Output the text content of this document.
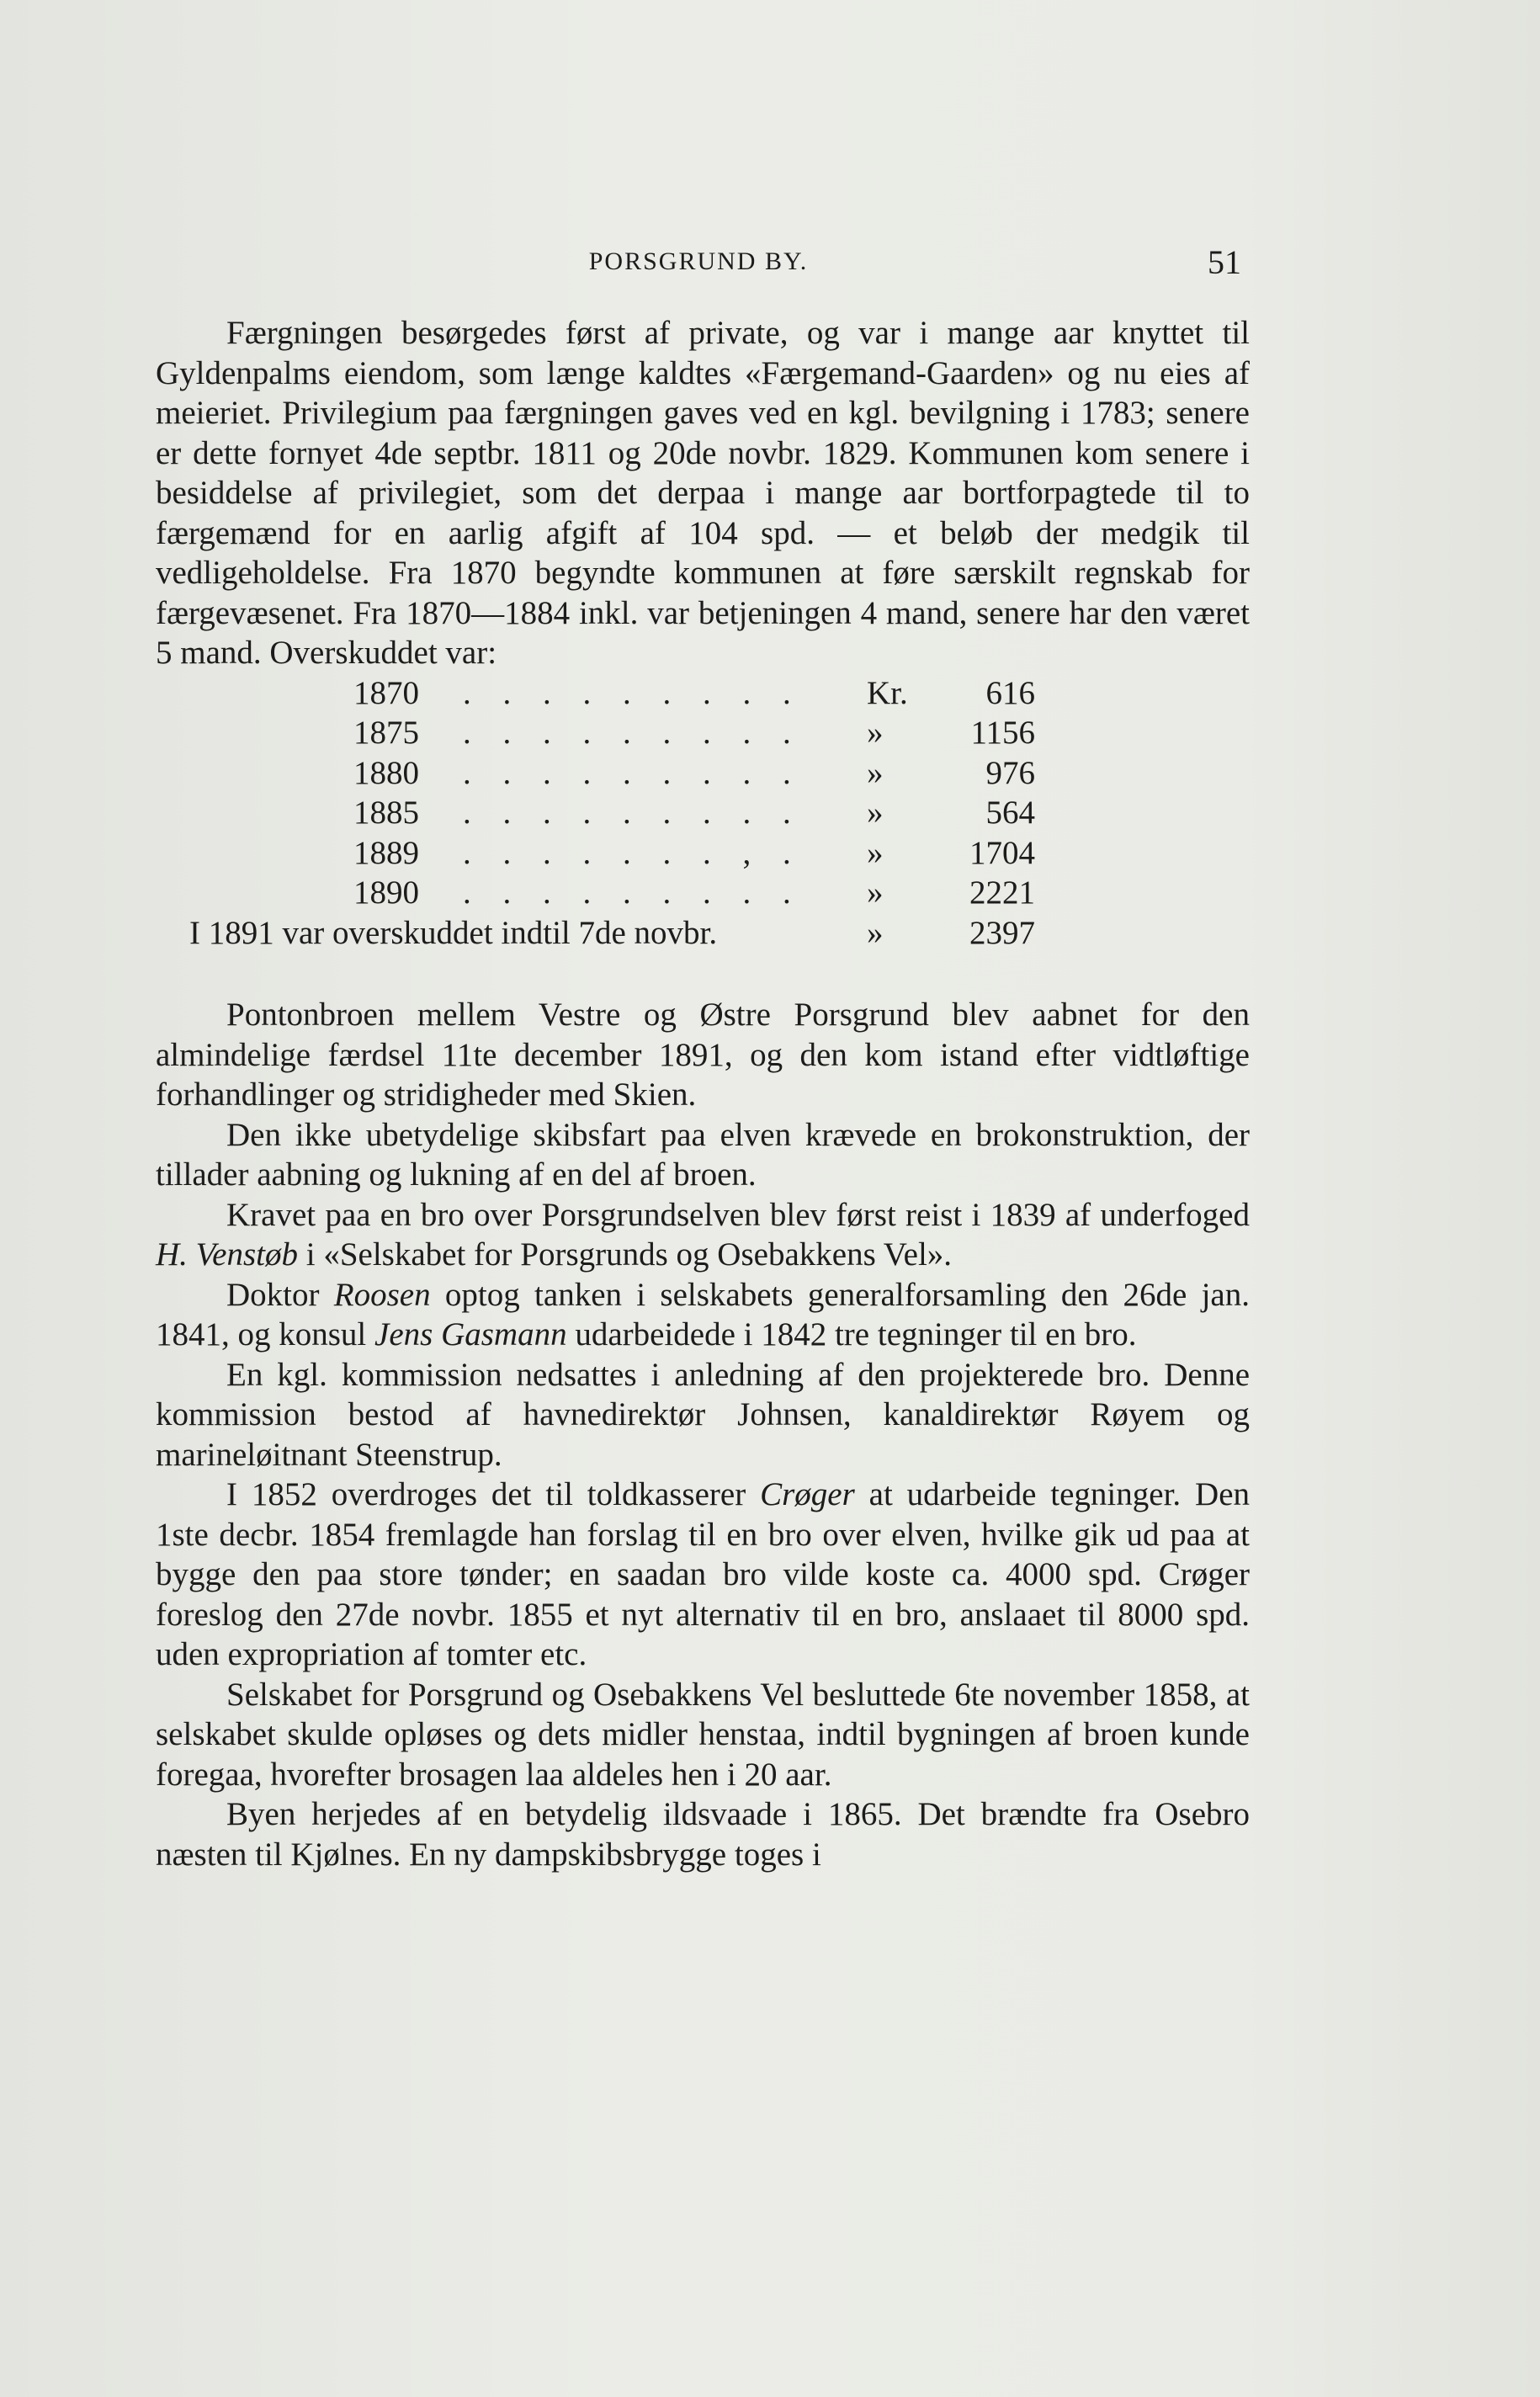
PORSGRUND BY.	51

Færgningen besørgedes først af private, og var i mange aar knyttet til Gyldenpalms eiendom, som længe kaldtes «Færgemand-Gaarden» og nu eies af meieriet. Privilegium paa færgningen gaves ved en kgl. bevilgning i 1783; senere er dette fornyet 4de septbr. 1811 og 20de novbr. 1829. Kommunen kom senere i besiddelse af privilegiet, som det derpaa i mange aar bortforpagtede til to færgemænd for en aarlig afgift af 104 spd. — et beløb der medgik til vedligeholdelse. Fra 1870 begyndte kommunen at føre særskilt regnskab for færgevæsenet. Fra 1870—1884 inkl. var betjeningen 4 mand, senere har den været 5 mand. Overskuddet var:

1870	. . . . . . . . .	Kr.	616
1875	. . . . . . . . .	»	1156
1880	. . . . . . . . .	»	976
1885	. . . . . . . . .	»	564
1889	. . . . . . . , .	»	1704
1890	. . . . . . . . .	»	2221
I 1891 var overskuddet indtil 7de novbr.	»	2397

Pontonbroen mellem Vestre og Østre Porsgrund blev aabnet for den almindelige færdsel 11te december 1891, og den kom istand efter vidtløftige forhandlinger og stridigheder med Skien.

Den ikke ubetydelige skibsfart paa elven krævede en brokonstruktion, der tillader aabning og lukning af en del af broen.

Kravet paa en bro over Porsgrundselven blev først reist i 1839 af underfoged H. Venstøb i «Selskabet for Porsgrunds og Osebakkens Vel».

Doktor Roosen optog tanken i selskabets generalforsamling den 26de jan. 1841, og konsul Jens Gasmann udarbeidede i 1842 tre tegninger til en bro.

En kgl. kommission nedsattes i anledning af den projekterede bro. Denne kommission bestod af havnedirektør Johnsen, kanaldirektør Røyem og marineløitnant Steenstrup.

I 1852 overdroges det til toldkasserer Crøger at udarbeide tegninger. Den 1ste decbr. 1854 fremlagde han forslag til en bro over elven, hvilke gik ud paa at bygge den paa store tønder; en saadan bro vilde koste ca. 4000 spd. Crøger foreslog den 27de novbr. 1855 et nyt alternativ til en bro, anslaaet til 8000 spd. uden expropriation af tomter etc.

Selskabet for Porsgrund og Osebakkens Vel besluttede 6te november 1858, at selskabet skulde opløses og dets midler henstaa, indtil bygningen af broen kunde foregaa, hvorefter brosagen laa aldeles hen i 20 aar.

Byen herjedes af en betydelig ildsvaade i 1865. Det brændte fra Osebro næsten til Kjølnes. En ny dampskibsbrygge toges i
